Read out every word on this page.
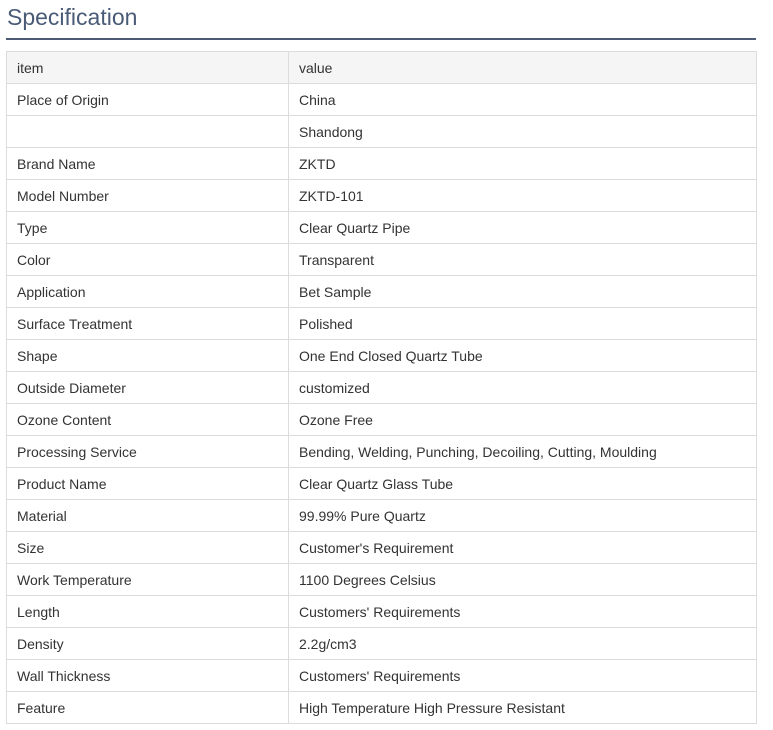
Specification
item	value
Place of Origin	China
	Shandong
Brand Name	ZKTD
Model Number	ZKTD-101
Type	Clear Quartz Pipe
Color	Transparent
Application	Bet Sample
Surface Treatment	Polished
Shape	One End Closed Quartz Tube
Outside Diameter	customized
Ozone Content	Ozone Free
Processing Service	Bending, Welding, Punching, Decoiling, Cutting, Moulding
Product Name	Clear Quartz Glass Tube
Material	99.99% Pure Quartz
Size	Customer's Requirement
Work Temperature	1100 Degrees Celsius
Length	Customers' Requirements
Density	2.2g/cm3
Wall Thickness	Customers' Requirements
Feature	High Temperature High Pressure Resistant
